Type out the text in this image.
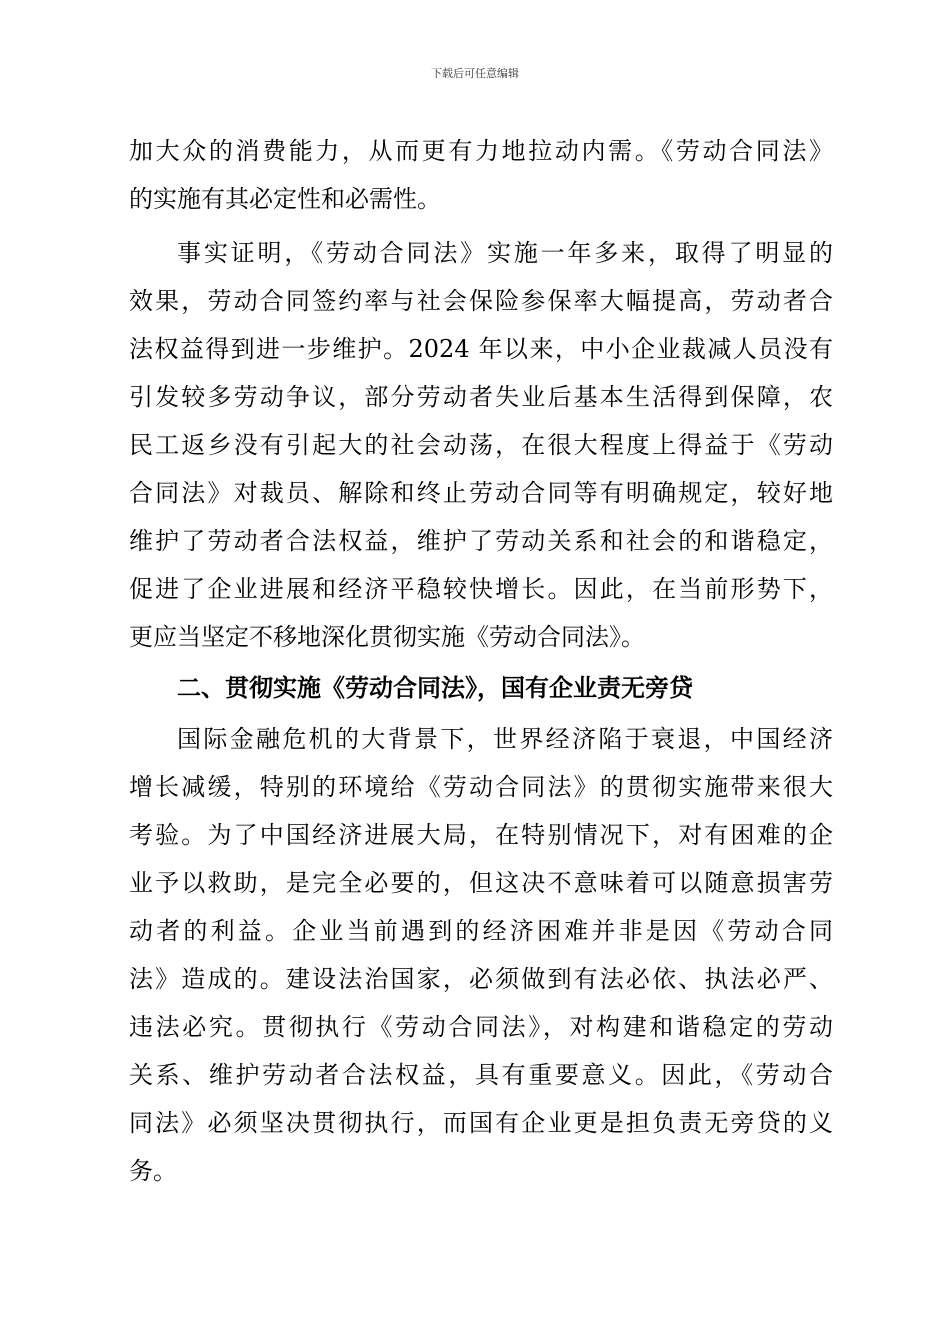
下载后可任意编辑
加大众的消费能力，从而更有力地拉动内需。《劳动合同法》
的实施有其必定性和必需性。
事实证明，《劳动合同法》实施一年多来，取得了明显的
效果，劳动合同签约率与社会保险参保率大幅提高，劳动者合
法权益得到进一步维护。2024 年以来，中小企业裁减人员没有
引发较多劳动争议，部分劳动者失业后基本生活得到保障，农
民工返乡没有引起大的社会动荡，在很大程度上得益于《劳动
合同法》对裁员、解除和终止劳动合同等有明确规定，较好地
维护了劳动者合法权益，维护了劳动关系和社会的和谐稳定，
促进了企业进展和经济平稳较快增长。因此，在当前形势下，
更应当坚定不移地深化贯彻实施《劳动合同法》。
二、贯彻实施《劳动合同法》，国有企业责无旁贷
国际金融危机的大背景下，世界经济陷于衰退，中国经济
增长减缓，特别的环境给《劳动合同法》的贯彻实施带来很大
考验。为了中国经济进展大局，在特别情况下，对有困难的企
业予以救助，是完全必要的，但这决不意味着可以随意损害劳
动者的利益。企业当前遇到的经济困难并非是因《劳动合同
法》造成的。建设法治国家，必须做到有法必依、执法必严、
违法必究。贯彻执行《劳动合同法》，对构建和谐稳定的劳动
关系、维护劳动者合法权益，具有重要意义。因此，《劳动合
同法》必须坚决贯彻执行，而国有企业更是担负责无旁贷的义
务。
